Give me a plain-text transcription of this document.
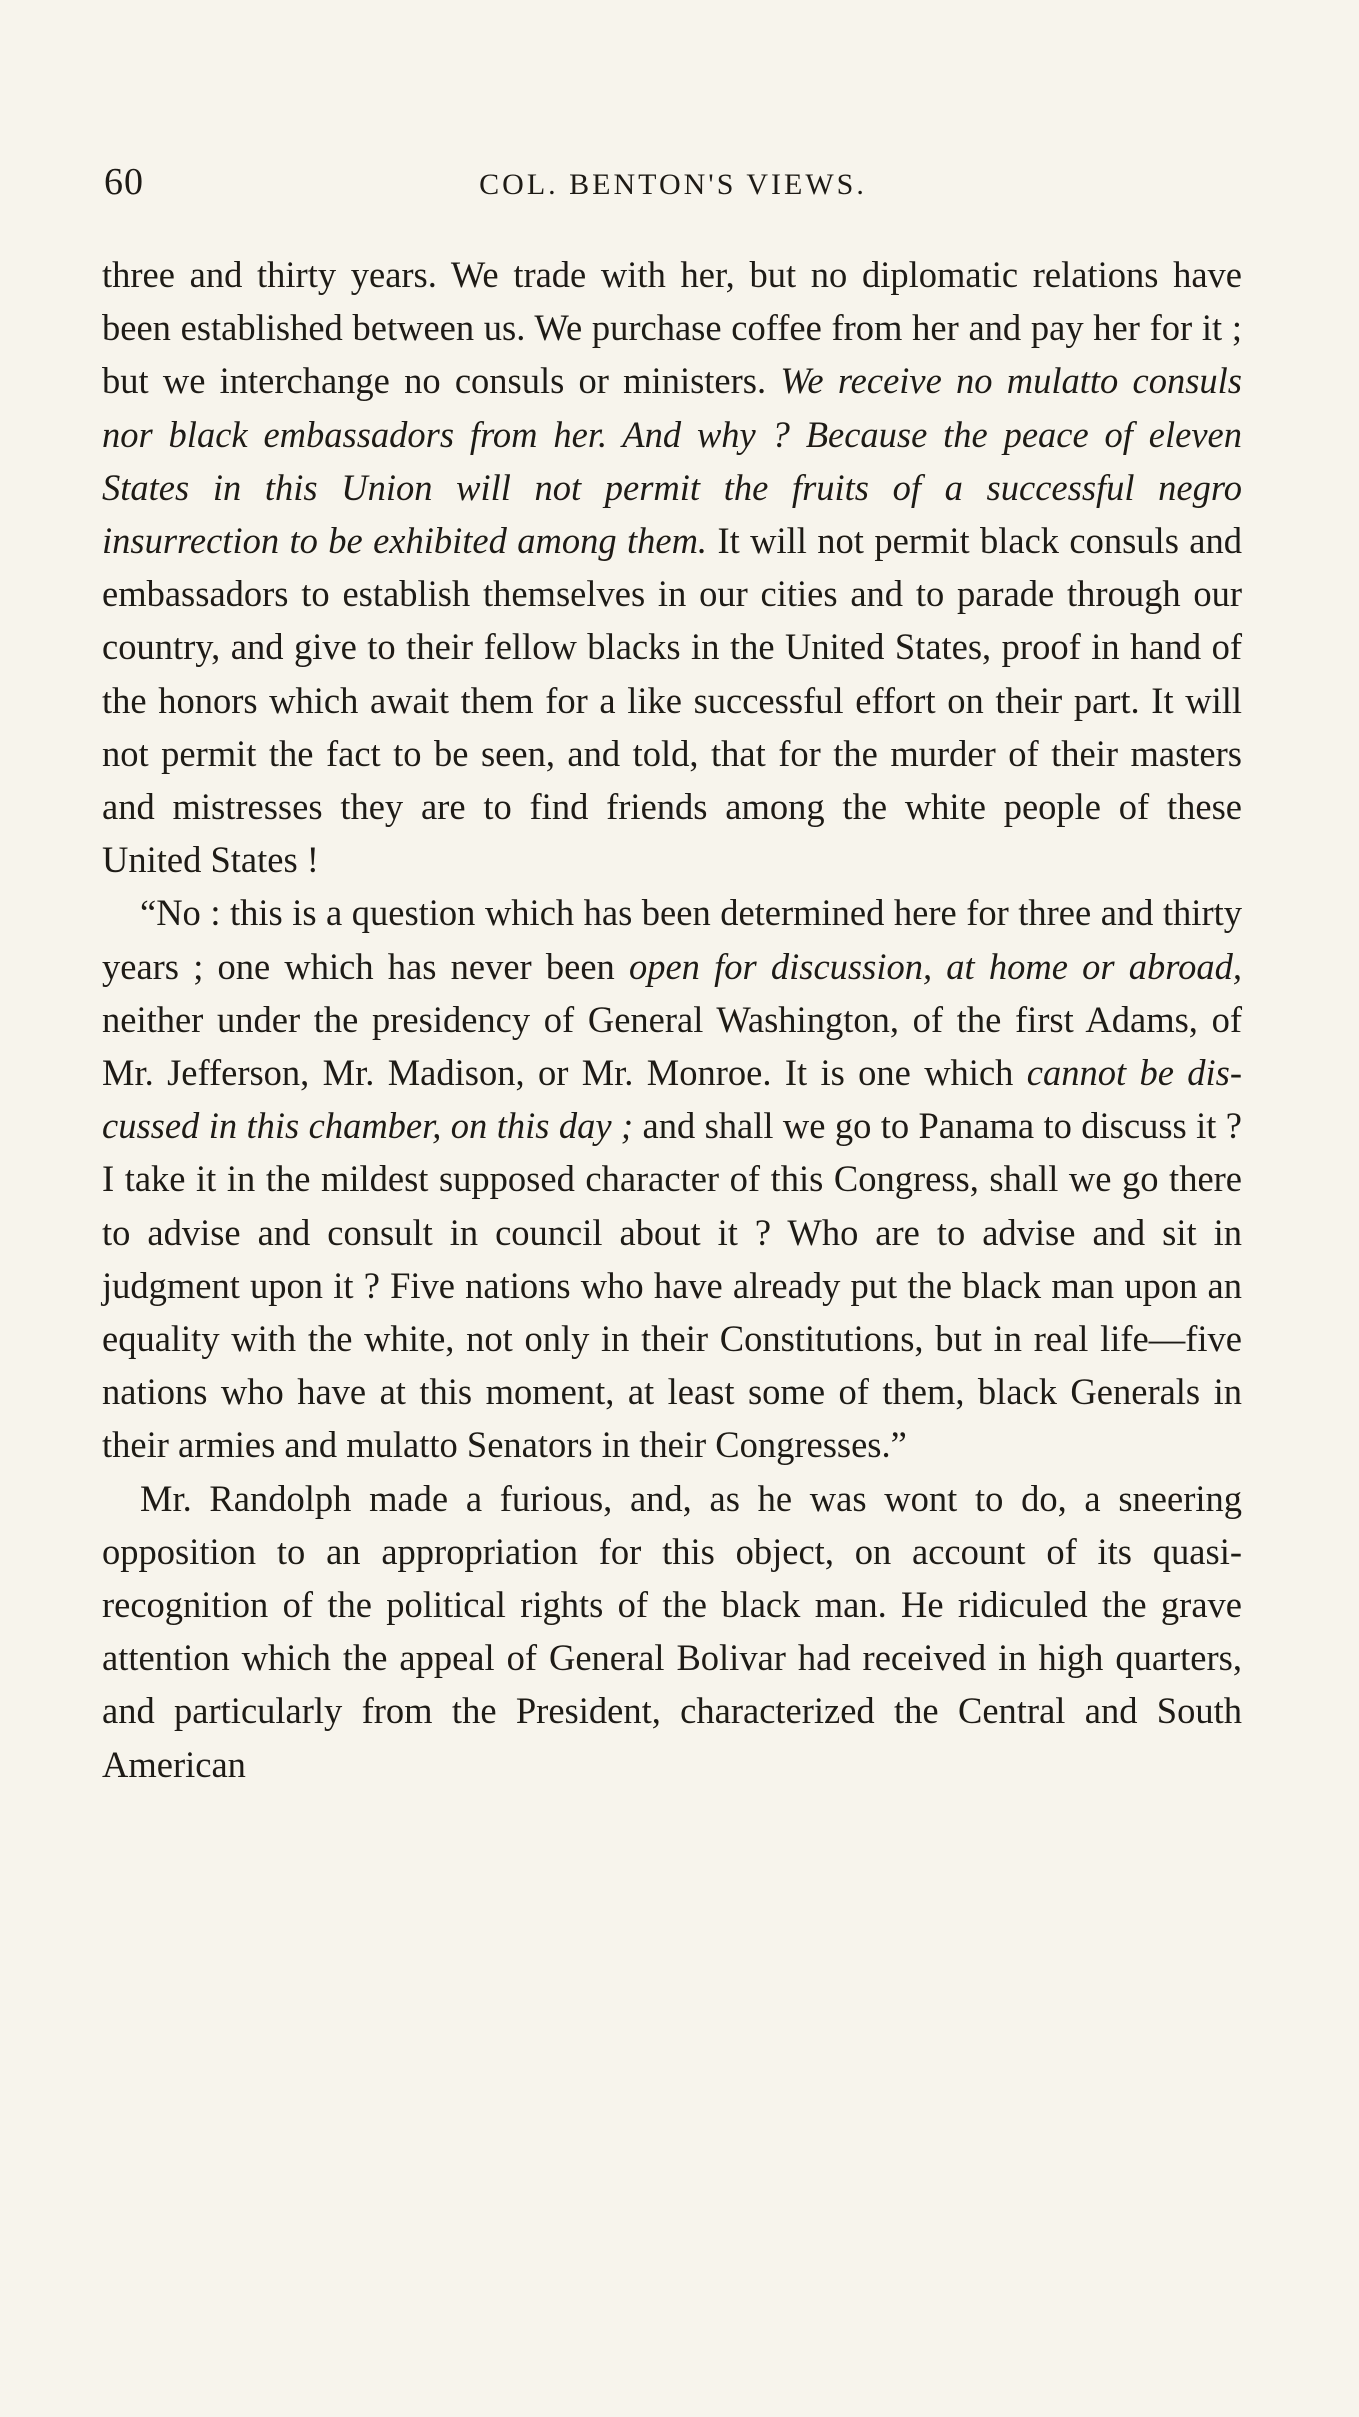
60	COL. BENTON'S VIEWS.

three and thirty years. We trade with her, but no diplomatic relations have been established between us. We purchase coffee from her and pay her for it ; but we interchange no consuls or ministers. We receive no mulatto consuls nor black embassadors from her. And why ? Because the peace of eleven States in this Union will not permit the fruits of a successful negro insurrection to be exhibited among them. It will not permit black consuls and embassadors to establish themselves in our cities and to parade through our country, and give to their fellow blacks in the United States, proof in hand of the honors which await them for a like successful effort on their part. It will not permit the fact to be seen, and told, that for the murder of their masters and mistresses they are to find friends among the white people of these United States !

“No : this is a question which has been determined here for three and thirty years ; one which has never been open for discussion, at home or abroad, neither under the presidency of General Washington, of the first Adams, of Mr. Jefferson, Mr. Madison, or Mr. Monroe. It is one which cannot be discussed in this chamber, on this day ; and shall we go to Panama to discuss it ? I take it in the mildest supposed character of this Congress, shall we go there to advise and consult in council about it ? Who are to advise and sit in judgment upon it ? Five nations who have already put the black man upon an equality with the white, not only in their Constitutions, but in real life—five nations who have at this moment, at least some of them, black Generals in their armies and mulatto Senators in their Congresses.”

Mr. Randolph made a furious, and, as he was wont to do, a sneering opposition to an appropriation for this object, on account of its quasi-recognition of the political rights of the black man. He ridiculed the grave attention which the appeal of General Bolivar had received in high quarters, and particularly from the President, characterized the Central and South American
